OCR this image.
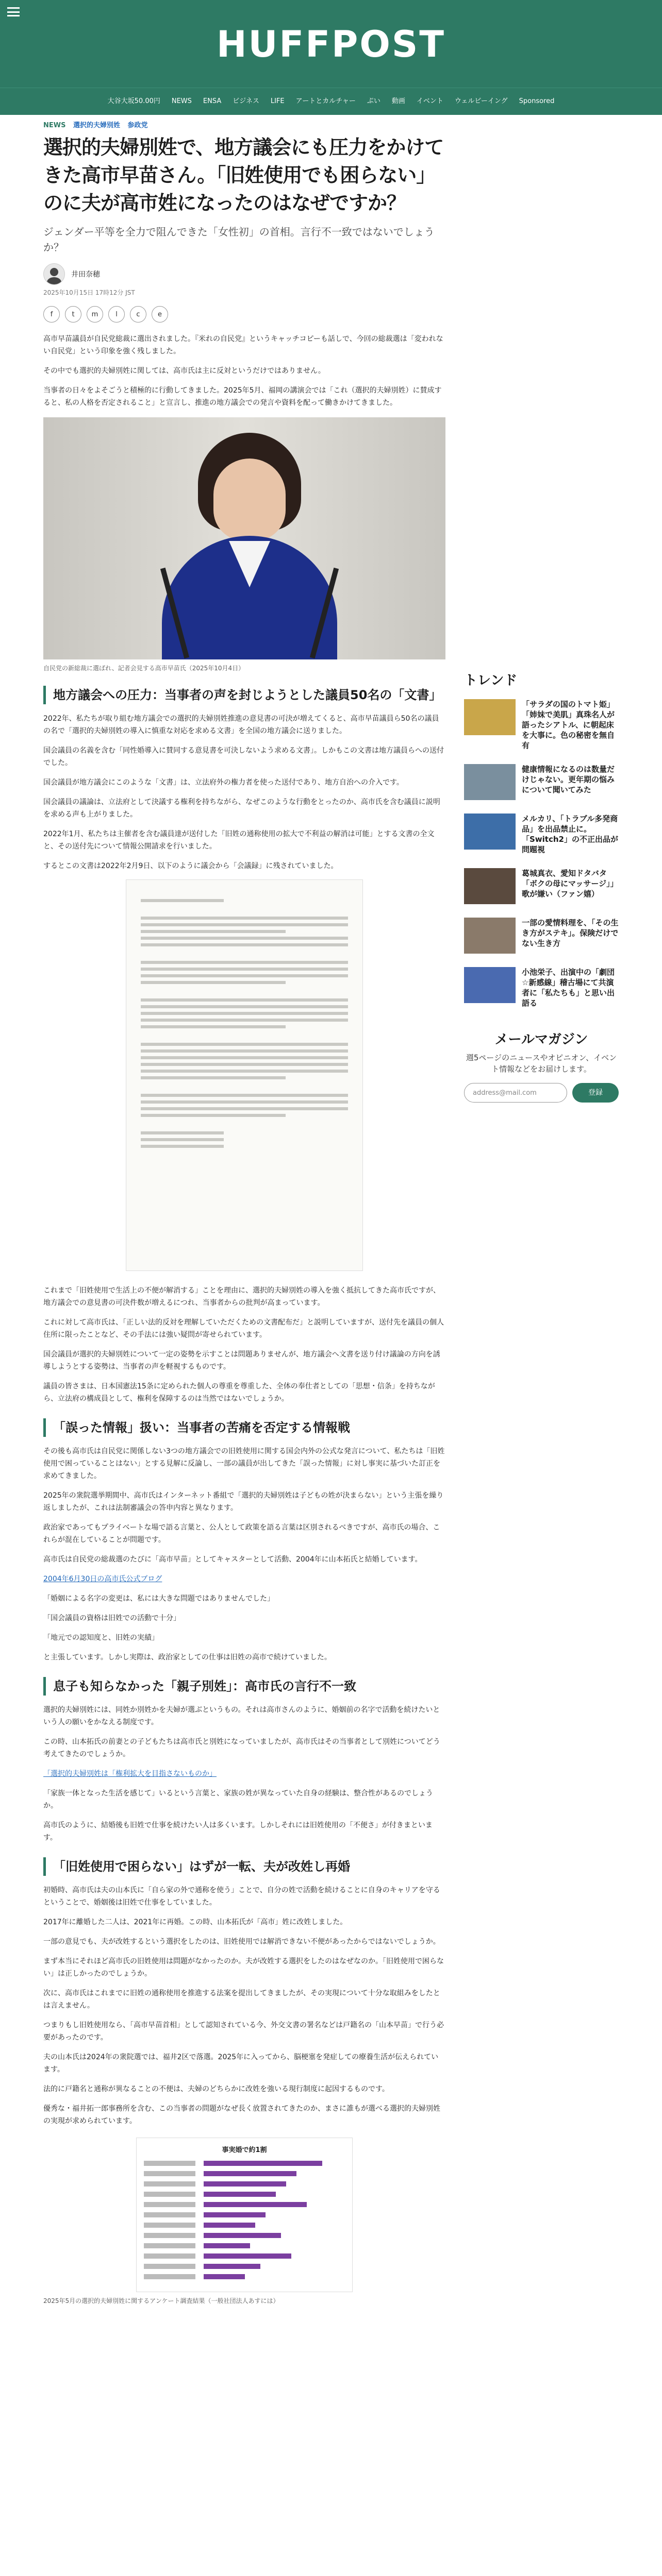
HUFFPOST
大谷大坂50.00円 NEWS ENSA ビジネス LIFE アートとカルチャー ぷい 動画 イベント ウェルビーイング Sponsored
NEWS 選択的夫婦別姓 参政党
選択的夫婦別姓で、地方議会にも圧力をかけてきた高市早苗さん。「旧姓使用でも困らない」のに夫が高市姓になったのはなぜですか？
ジェンダー平等を全力で阻んできた「女性初」の首相。言行不一致ではないでしょうか？
井田奈穂
2025年10月15日 17時12分 JST
f	t	m	l	c	e

高市早苗議員が自民党総裁に選出されました。『米れの自民党』というキャッチコピーも話しで、今回の総裁選は「変われない自民党」という印象を強く残しました。

その中でも選択的夫婦別姓に関しては、高市氏は主に反対というだけではありません。

当事者の日々をよそごうと積極的に行動してきました。2025年5月、福岡の講演会では「これ（選択的夫婦別姓）に賛成すると、私の人格を否定されること」と宣言し、推進の地方議会での発言や資料を配って働きかけてきました。

自民党の新総裁に選ばれ、記者会見する高市早苗氏（2025年10月4日）
地方議会への圧力：当事者の声を封じようとした議員50名の「文書」

2022年、私たちが取り組む地方議会での選択的夫婦別姓推進の意見書の可決が増えてくると、高市早苗議員ら50名の議員の名で「選択的夫婦別姓の導入に慎重な対応を求める文書」を全国の地方議会に送りました。

国会議員の名義を含む「同性婚導入に賛同する意見書を可決しないよう求める文書」。しかもこの文書は地方議員らへの送付でした。

国会議員が地方議会にこのような「文書」は、立法府外の権力者を使った送付であり、地方自治への介入です。

国会議員の議論は、立法府として決議する権利を持ちながら、なぜこのような行動をとったのか、高市氏を含む議員に説明を求める声も上がりました。

2022年1月、私たちは主催者を含む議員達が送付した「旧姓の通称使用の拡大で不利益の解消は可能」とする文書の全文と、その送付先について情報公開請求を行いました。

するとこの文書は2022年2月9日、以下のように議会から「会議録」に残されていました。

これまで「旧姓使用で生活上の不便が解消する」ことを理由に、選択的夫婦別姓の導入を強く抵抗してきた高市氏ですが、地方議会での意見書の可決件数が増えるにつれ、当事者からの批判が高まっています。

これに対して高市氏は、「正しい法的反対を理解していただくための文書配布だ」と説明していますが、送付先を議員の個人住所に限ったことなど、その手法には強い疑問が寄せられています。

国会議員が選択的夫婦別姓について一定の姿勢を示すことは問題ありませんが、地方議会へ文書を送り付け議論の方向を誘導しようとする姿勢は、当事者の声を軽視するものです。

議員の皆さまは、日本国憲法15条に定められた個人の尊重を尊重した、全体の奉仕者としての「思想・信条」を持ちながら、立法府の構成員として、権利を保障するのは当然ではないでしょうか。

「誤った情報」扱い：当事者の苦痛を否定する情報戦

その後も高市氏は自民党に関係しない3つの地方議会での旧姓使用に関する国会内外の公式な発言について、私たちは「旧姓使用で困っていることはない」とする見解に反論し、一部の議員が出してきた「誤った情報」に対し事実に基づいた訂正を求めてきました。

2025年の衆院選挙期間中、高市氏はインターネット番組で「選択的夫婦別姓は子どもの姓が決まらない」という主張を繰り返しましたが、これは法制審議会の答申内容と異なります。

政治家であってもプライベートな場で語る言葉と、公人として政策を語る言葉は区別されるべきですが、高市氏の場合、これらが混在していることが問題です。

高市氏は自民党の総裁選のたびに「高市早苗」としてキャスターとして活動、2004年に山本拓氏と結婚しています。

2004年6月30日の高市氏公式ブログ

「婚姻による名字の変更は、私には大きな問題ではありませんでした」

「国会議員の資格は旧姓での活動で十分」

「地元での認知度と、旧姓の実績」

と主張しています。しかし実際は、政治家としての仕事は旧姓の高市で続けていました。

息子も知らなかった「親子別姓」：高市氏の言行不一致

選択的夫婦別姓には、同姓か別姓かを夫婦が選ぶというもの。それは高市さんのように、婚姻前の名字で活動を続けたいという人の願いをかなえる制度です。

この時、山本拓氏の前妻との子どもたちは高市氏と別姓になっていましたが、高市氏はその当事者として別姓についてどう考えてきたのでしょうか。

「選択的夫婦別姓は「権利拡大を目指さないものか」

「家族一体となった生活を感じて」いるという言葉と、家族の姓が異なっていた自身の経験は、整合性があるのでしょうか。

高市氏のように、結婚後も旧姓で仕事を続けたい人は多くいます。しかしそれには旧姓使用の「不便さ」が付きまといます。

「旧姓使用で困らない」はずが一転、夫が改姓し再婚

初婚時、高市氏は夫の山本氏に「自ら家の外で通称を使う」ことで、自分の姓で活動を続けることに自身のキャリアを守るということで、婚姻後は旧姓で仕事をしていました。

2017年に離婚した二人は、2021年に再婚。この時、山本拓氏が「高市」姓に改姓しました。

一部の意見でも、夫が改姓するという選択をしたのは、旧姓使用では解消できない不便があったからではないでしょうか。

まず本当にそれほど高市氏の旧姓使用は問題がなかったのか。夫が改姓する選択をしたのはなぜなのか。「旧姓使用で困らない」は正しかったのでしょうか。

次に、高市氏はこれまでに旧姓の通称使用を推進する法案を提出してきましたが、その実現について十分な取組みをしたとは言えません。

つまりもし旧姓使用なら、「高市早苗首相」として認知されている今、外交文書の署名などは戸籍名の「山本早苗」で行う必要があったのです。

夫の山本氏は2024年の衆院選では、福井2区で落選。2025年に入ってから、脳梗塞を発症しての療養生活が伝えられています。

法的に戸籍名と通称が異なることの不便は、夫婦のどちらかに改姓を強いる現行制度に起因するものです。

優秀な・福井拓一郎事務所を含む、この当事者の問題がなぜ長く放置されてきたのか、まさに誰もが選べる選択的夫婦別姓の実現が求められています。

事実婚で約1割
2025年5月の選択的夫婦別姓に関するアンケート調査結果（一般社団法人あすには）
トレンド
「サラダの国のトマト姫」「姉妹で美肌」真珠名人が語ったシアトル、に朝起床を大事に。色の秘密を無自有
健康情報になるのは数量だけじゃない。更年期の悩みについて聞いてみた
メルカリ、「トラブル多発商品」を出品禁止に。「Switch2」の不正出品が問題視
葛城真衣、愛知ドタバタ「ボクの母にマッサージ」」歌が嫌い（ファン嬉）
一部の愛情料理を、「その生き方がステキ」。保険だけでない生き方
小池栄子、出演中の「劇団☆新感線」稽古場にて共演者に「私たちも」と思い出語る
メールマガジン
週5ページのニュースやオピニオン、イベント情報などをお届けします。
address@mail.com	登録
